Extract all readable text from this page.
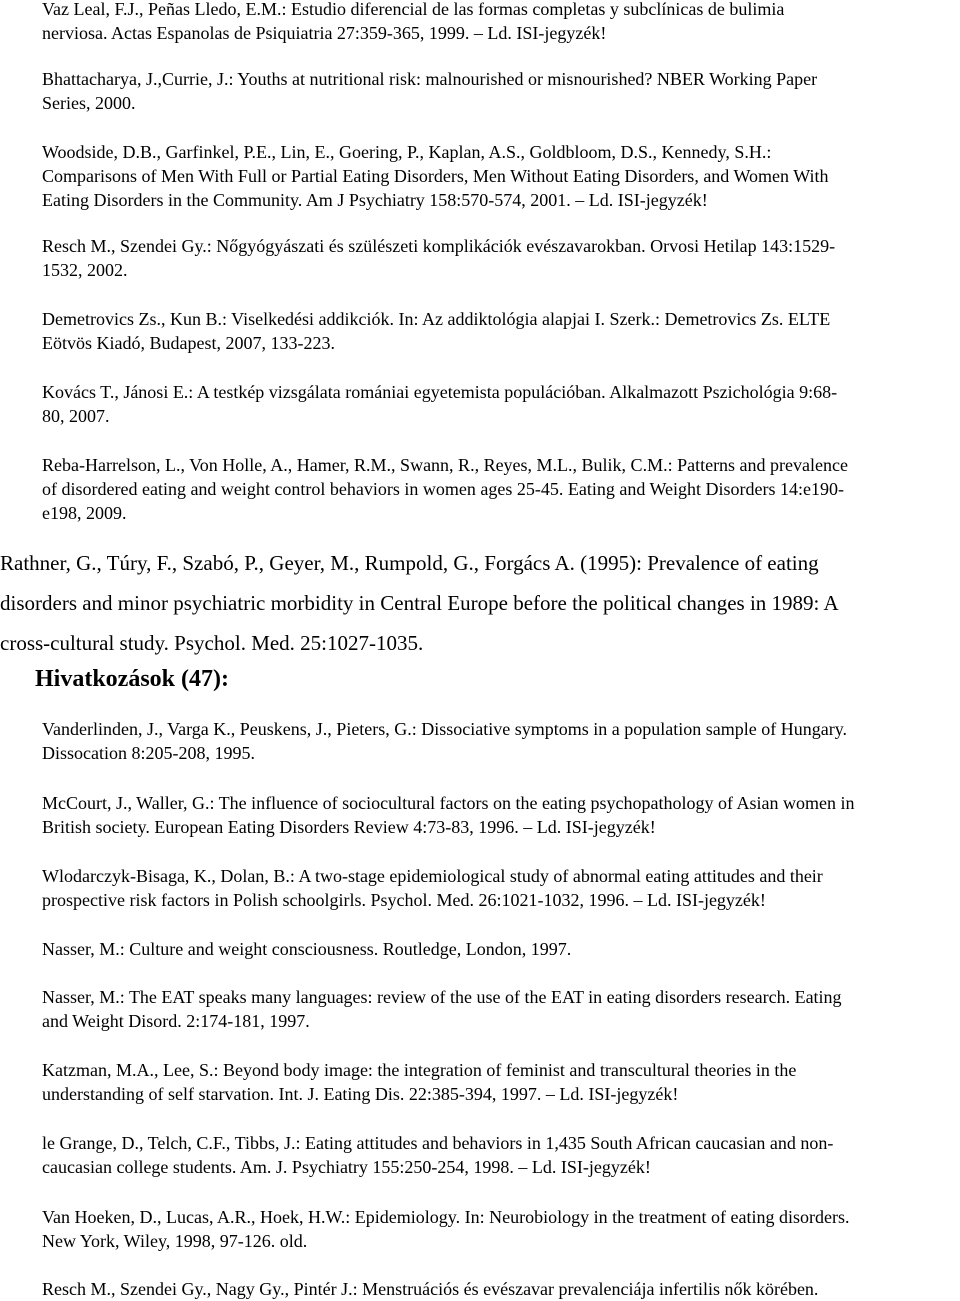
Vaz Leal, F.J., Peñas Lledo, E.M.: Estudio diferencial de las formas completas y subclínicas de bulimia
nerviosa. Actas Espanolas de Psiquiatria 27:359-365, 1999. – Ld. ISI-jegyzék!

Bhattacharya, J.,Currie, J.: Youths at nutritional risk: malnourished or misnourished? NBER Working Paper
Series, 2000.

Woodside, D.B., Garfinkel, P.E., Lin, E., Goering, P., Kaplan, A.S., Goldbloom, D.S., Kennedy, S.H.:
Comparisons of Men With Full or Partial Eating Disorders, Men Without Eating Disorders, and Women With
Eating Disorders in the Community. Am J Psychiatry 158:570-574, 2001. – Ld. ISI-jegyzék!

Resch M., Szendei Gy.: Nőgyógyászati és szülészeti komplikációk evészavarokban. Orvosi Hetilap 143:1529-
1532, 2002.

Demetrovics Zs., Kun B.: Viselkedési addikciók. In: Az addiktológia alapjai I. Szerk.: Demetrovics Zs. ELTE
Eötvös Kiadó, Budapest, 2007, 133-223.

Kovács T., Jánosi E.: A testkép vizsgálata romániai egyetemista populációban. Alkalmazott Pszichológia 9:68-
80, 2007.

Reba-Harrelson, L., Von Holle, A., Hamer, R.M., Swann, R., Reyes, M.L., Bulik, C.M.: Patterns and prevalence
of disordered eating and weight control behaviors in women ages 25-45. Eating and Weight Disorders 14:e190-
e198, 2009.

Rathner, G., Túry, F., Szabó, P., Geyer, M., Rumpold, G., Forgács A. (1995): Prevalence of eating
disorders and minor psychiatric morbidity in Central Europe before the political changes in 1989: A
cross-cultural study. Psychol. Med. 25:1027-1035.

Hivatkozások (47):

Vanderlinden, J., Varga K., Peuskens, J., Pieters, G.: Dissociative symptoms in a population sample of Hungary.
Dissocation 8:205-208, 1995.

McCourt, J., Waller, G.: The influence of sociocultural factors on the eating psychopathology of Asian women in
British society. European Eating Disorders Review 4:73-83, 1996. – Ld. ISI-jegyzék!

Wlodarczyk-Bisaga, K., Dolan, B.: A two-stage epidemiological study of abnormal eating attitudes and their
prospective risk factors in Polish schoolgirls. Psychol. Med. 26:1021-1032, 1996. – Ld. ISI-jegyzék!

Nasser, M.: Culture and weight consciousness. Routledge, London, 1997.

Nasser, M.: The EAT speaks many languages: review of the use of the EAT in eating disorders research. Eating
and Weight Disord. 2:174-181, 1997.

Katzman, M.A., Lee, S.: Beyond body image: the integration of feminist and transcultural theories in the
understanding of self starvation. Int. J. Eating Dis. 22:385-394, 1997. – Ld. ISI-jegyzék!

le Grange, D., Telch, C.F., Tibbs, J.: Eating attitudes and behaviors in 1,435 South African caucasian and non-
caucasian college students. Am. J. Psychiatry 155:250-254, 1998. – Ld. ISI-jegyzék!

Van Hoeken, D., Lucas, A.R., Hoek, H.W.: Epidemiology. In: Neurobiology in the treatment of eating disorders.
New York, Wiley, 1998, 97-126. old.

Resch M., Szendei Gy., Nagy Gy., Pintér J.: Menstruációs és evészavar prevalenciája infertilis nők körében.
